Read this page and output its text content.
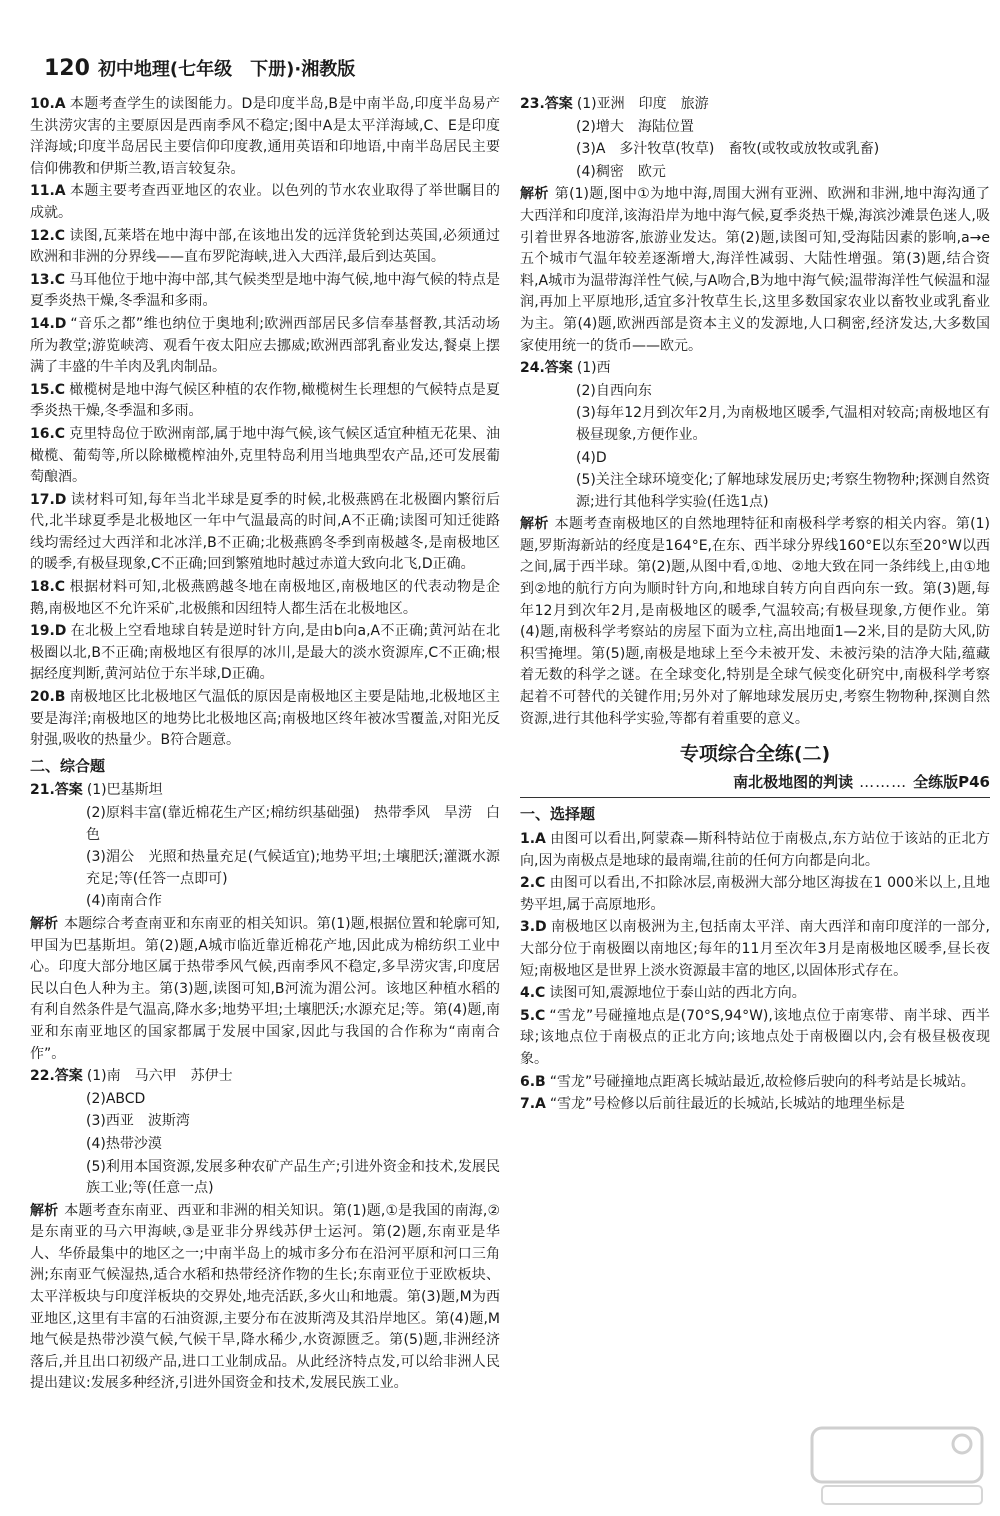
120 初中地理(七年级　下册)·湘教版
10.A 本题考查学生的读图能力。D是印度半岛,B是中南半岛,印度半岛易产生洪涝灾害的主要原因是西南季风不稳定;图中A是太平洋海域,C、E是印度洋海域;印度半岛居民主要信仰印度教,通用英语和印地语,中南半岛居民主要信仰佛教和伊斯兰教,语言较复杂。
11.A 本题主要考查西亚地区的农业。以色列的节水农业取得了举世瞩目的成就。
12.C 读图,瓦莱塔在地中海中部,在该地出发的远洋货轮到达英国,必须通过欧洲和非洲的分界线——直布罗陀海峡,进入大西洋,最后到达英国。
13.C 马耳他位于地中海中部,其气候类型是地中海气候,地中海气候的特点是夏季炎热干燥,冬季温和多雨。
14.D “音乐之都”维也纳位于奥地利;欧洲西部居民多信奉基督教,其活动场所为教堂;游览峡湾、观看午夜太阳应去挪威;欧洲西部乳畜业发达,餐桌上摆满了丰盛的牛羊肉及乳肉制品。
15.C 橄榄树是地中海气候区种植的农作物,橄榄树生长理想的气候特点是夏季炎热干燥,冬季温和多雨。
16.C 克里特岛位于欧洲南部,属于地中海气候,该气候区适宜种植无花果、油橄榄、葡萄等,所以除橄榄榨油外,克里特岛利用当地典型农产品,还可发展葡萄酿酒。
17.D 读材料可知,每年当北半球是夏季的时候,北极燕鸥在北极圈内繁衍后代,北半球夏季是北极地区一年中气温最高的时间,A不正确;读图可知迁徙路线均需经过大西洋和北冰洋,B不正确;北极燕鸥冬季到南极越冬,是南极地区的暖季,有极昼现象,C不正确;回到繁殖地时越过赤道大致向北飞,D正确。
18.C 根据材料可知,北极燕鸥越冬地在南极地区,南极地区的代表动物是企鹅,南极地区不允许采矿,北极熊和因纽特人都生活在北极地区。
19.D 在北极上空看地球自转是逆时针方向,是由b向a,A不正确;黄河站在北极圈以北,B不正确;南极地区有很厚的冰川,是最大的淡水资源库,C不正确;根据经度判断,黄河站位于东半球,D正确。
20.B 南极地区比北极地区气温低的原因是南极地区主要是陆地,北极地区主要是海洋;南极地区的地势比北极地区高;南极地区终年被冰雪覆盖,对阳光反射强,吸收的热量少。B符合题意。
二、综合题
21.答案 (1)巴基斯坦
(2)原料丰富(靠近棉花生产区;棉纺织基础强)　热带季风　旱涝　白色
(3)湄公　光照和热量充足(气候适宜);地势平坦;土壤肥沃;灌溉水源充足;等(任答一点即可)
(4)南南合作
解析 本题综合考查南亚和东南亚的相关知识。第(1)题,根据位置和轮廓可知,甲国为巴基斯坦。第(2)题,A城市临近靠近棉花产地,因此成为棉纺织工业中心。印度大部分地区属于热带季风气候,西南季风不稳定,多旱涝灾害,印度居民以白色人种为主。第(3)题,读图可知,B河流为湄公河。该地区种植水稻的有利自然条件是气温高,降水多;地势平坦;土壤肥沃;水源充足;等。第(4)题,南亚和东南亚地区的国家都属于发展中国家,因此与我国的合作称为“南南合作”。
22.答案 (1)南　马六甲　苏伊士
(2)ABCD
(3)西亚　波斯湾
(4)热带沙漠
(5)利用本国资源,发展多种农矿产品生产;引进外资金和技术,发展民族工业;等(任意一点)
解析 本题考查东南亚、西亚和非洲的相关知识。第(1)题,①是我国的南海,②是东南亚的马六甲海峡,③是亚非分界线苏伊士运河。第(2)题,东南亚是华人、华侨最集中的地区之一;中南半岛上的城市多分布在沿河平原和河口三角洲;东南亚气候湿热,适合水稻和热带经济作物的生长;东南亚位于亚欧板块、太平洋板块与印度洋板块的交界处,地壳活跃,多火山和地震。第(3)题,M为西亚地区,这里有丰富的石油资源,主要分布在波斯湾及其沿岸地区。第(4)题,M地气候是热带沙漠气候,气候干旱,降水稀少,水资源匮乏。第(5)题,非洲经济落后,并且出口初级产品,进口工业制成品。从此经济特点发,可以给非洲人民提出建议:发展多种经济,引进外国资金和技术,发展民族工业。
23.答案 (1)亚洲　印度　旅游
(2)增大　海陆位置
(3)A　多汁牧草(牧草)　畜牧(或牧或放牧或乳畜)
(4)稠密　欧元
解析 第(1)题,图中①为地中海,周围大洲有亚洲、欧洲和非洲,地中海沟通了大西洋和印度洋,该海沿岸为地中海气候,夏季炎热干燥,海滨沙滩景色迷人,吸引着世界各地游客,旅游业发达。第(2)题,读图可知,受海陆因素的影响,a→e五个城市气温年较差逐渐增大,海洋性减弱、大陆性增强。第(3)题,结合资料,A城市为温带海洋性气候,与A吻合,B为地中海气候;温带海洋性气候温和湿润,再加上平原地形,适宜多汁牧草生长,这里多数国家农业以畜牧业或乳畜业为主。第(4)题,欧洲西部是资本主义的发源地,人口稠密,经济发达,大多数国家使用统一的货币——欧元。
24.答案 (1)西
(2)自西向东
(3)每年12月到次年2月,为南极地区暖季,气温相对较高;南极地区有极昼现象,方便作业。
(4)D
(5)关注全球环境变化;了解地球发展历史;考察生物物种;探测自然资源;进行其他科学实验(任选1点)
解析 本题考查南极地区的自然地理特征和南极科学考察的相关内容。第(1)题,罗斯海新站的经度是164°E,在东、西半球分界线160°E以东至20°W以西之间,属于西半球。第(2)题,从图中看,①地、②地大致在同一条纬线上,由①地到②地的航行方向为顺时针方向,和地球自转方向自西向东一致。第(3)题,每年12月到次年2月,是南极地区的暖季,气温较高;有极昼现象,方便作业。第(4)题,南极科学考察站的房屋下面为立柱,高出地面1—2米,目的是防大风,防积雪掩埋。第(5)题,南极是地球上至今未被开发、未被污染的洁净大陆,蕴藏着无数的科学之谜。在全球变化,特别是全球气候变化研究中,南极科学考察起着不可替代的关键作用;另外对了解地球发展历史,考察生物物种,探测自然资源,进行其他科学实验,等都有着重要的意义。
专项综合全练(二)
南北极地图的判读 ……… 全练版P46
一、选择题
1.A 由图可以看出,阿蒙森—斯科特站位于南极点,东方站位于该站的正北方向,因为南极点是地球的最南端,往前的任何方向都是向北。
2.C 由图可以看出,不扣除冰层,南极洲大部分地区海拔在1 000米以上,且地势平坦,属于高原地形。
3.D 南极地区以南极洲为主,包括南太平洋、南大西洋和南印度洋的一部分,大部分位于南极圈以南地区;每年的11月至次年3月是南极地区暖季,昼长夜短;南极地区是世界上淡水资源最丰富的地区,以固体形式存在。
4.C 读图可知,震源地位于泰山站的西北方向。
5.C “雪龙”号碰撞地点是(70°S,94°W),该地点位于南寒带、南半球、西半球;该地点位于南极点的正北方向;该地点处于南极圈以内,会有极昼极夜现象。
6.B “雪龙”号碰撞地点距离长城站最近,故检修后驶向的科考站是长城站。
7.A “雪龙”号检修以后前往最近的长城站,长城站的地理坐标是
